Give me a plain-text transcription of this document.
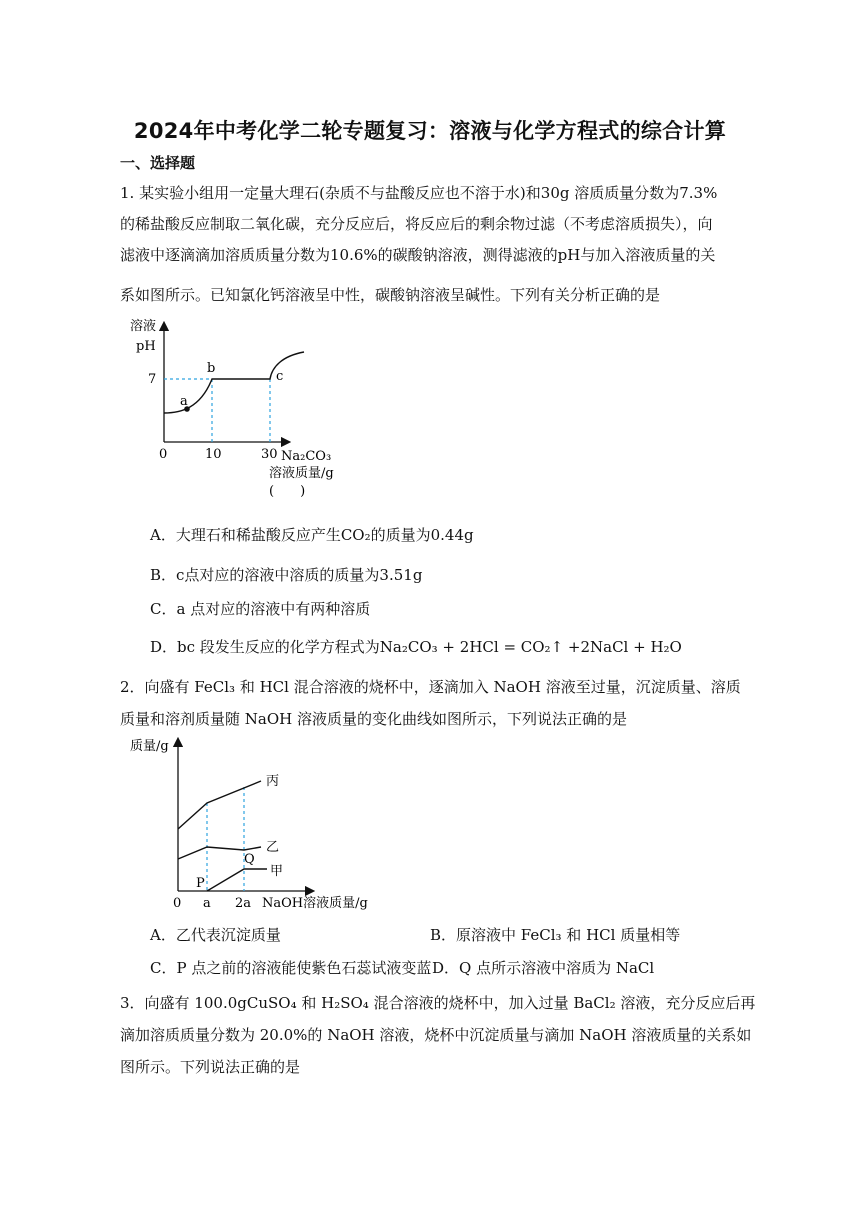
2024年中考化学二轮专题复习：溶液与化学方程式的综合计算
一、选择题
1. 某实验小组用一定量大理石(杂质不与盐酸反应也不溶于水)和30g 溶质质量分数为7.3%
的稀盐酸反应制取二氧化碳，充分反应后，将反应后的剩余物过滤（不考虑溶质损失），向
滤液中逐滴滴加溶质质量分数为10.6%的碳酸钠溶液，测得滤液的pH与加入溶液质量的关
系如图所示。已知氯化钙溶液呈中性，碳酸钠溶液呈碱性。下列有关分析正确的是
溶液
pH
7
a
b
c
0	10	30 Na₂CO₃
溶液质量/g
(　　)
A．大理石和稀盐酸反应产生CO₂的质量为0.44g
B．c点对应的溶液中溶质的质量为3.51g
C．a 点对应的溶液中有两种溶质
D．bc 段发生反应的化学方程式为Na₂CO₃ + 2HCl = CO₂↑ +2NaCl + H₂O
2．向盛有 FeCl₃ 和 HCl 混合溶液的烧杯中，逐滴加入 NaOH 溶液至过量，沉淀质量、溶质
质量和溶剂质量随 NaOH 溶液质量的变化曲线如图所示，下列说法正确的是
质量/g
丙
乙
甲
P
Q
0 a 2a NaOH溶液质量/g
A．乙代表沉淀质量	B．原溶液中 FeCl₃ 和 HCl 质量相等
C．P 点之前的溶液能使紫色石蕊试液变蓝 D．Q 点所示溶液中溶质为 NaCl
3．向盛有 100.0gCuSO₄ 和 H₂SO₄ 混合溶液的烧杯中，加入过量 BaCl₂ 溶液，充分反应后再
滴加溶质质量分数为 20.0%的 NaOH 溶液，烧杯中沉淀质量与滴加 NaOH 溶液质量的关系如
图所示。下列说法正确的是
